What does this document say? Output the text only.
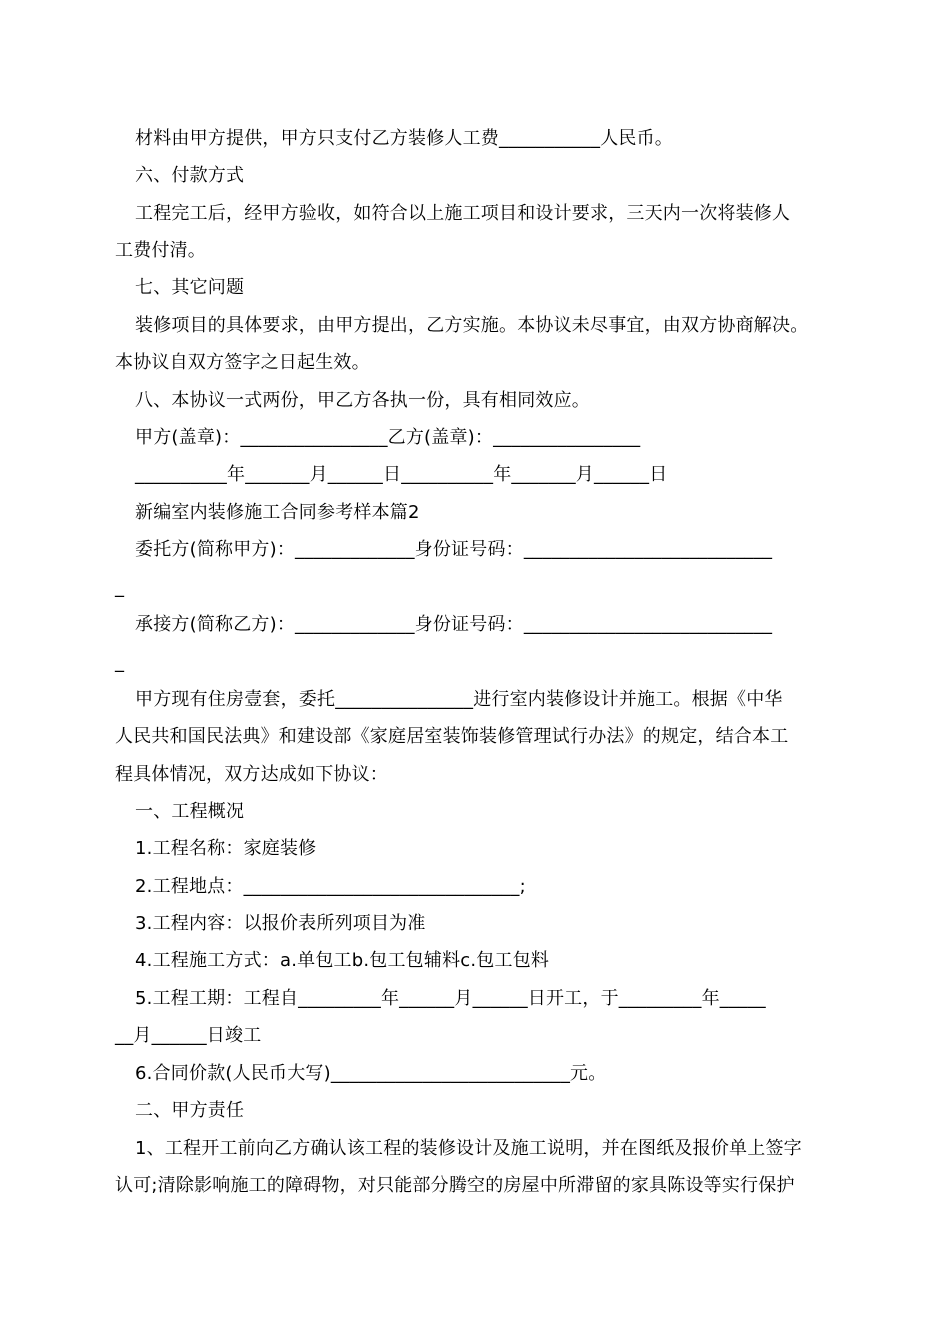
材料由甲方提供，甲方只支付乙方装修人工费___________人民币。
六、付款方式
工程完工后，经甲方验收，如符合以上施工项目和设计要求，三天内一次将装修人
工费付清。
七、其它问题
装修项目的具体要求，由甲方提出，乙方实施。本协议未尽事宜，由双方协商解决。
本协议自双方签字之日起生效。
八、本协议一式两份，甲乙方各执一份，具有相同效应。
甲方(盖章)：________________乙方(盖章)：________________
__________年_______月______日__________年_______月______日
新编室内装修施工合同参考样本篇2
委托方(简称甲方)：_____________身份证号码：___________________________
_
承接方(简称乙方)：_____________身份证号码：___________________________
_
甲方现有住房壹套，委托_______________进行室内装修设计并施工。根据《中华
人民共和国民法典》和建设部《家庭居室装饰装修管理试行办法》的规定，结合本工
程具体情况，双方达成如下协议：
一、工程概况
1.工程名称：家庭装修
2.工程地点：______________________________;
3.工程内容：以报价表所列项目为准
4.工程施工方式：a.单包工b.包工包辅料c.包工包料
5.工程工期：工程自_________年______月______日开工，于_________年_____
__月______日竣工
6.合同价款(人民币大写)__________________________元。
二、甲方责任
1、工程开工前向乙方确认该工程的装修设计及施工说明，并在图纸及报价单上签字
认可;清除影响施工的障碍物，对只能部分腾空的房屋中所滞留的家具陈设等实行保护
